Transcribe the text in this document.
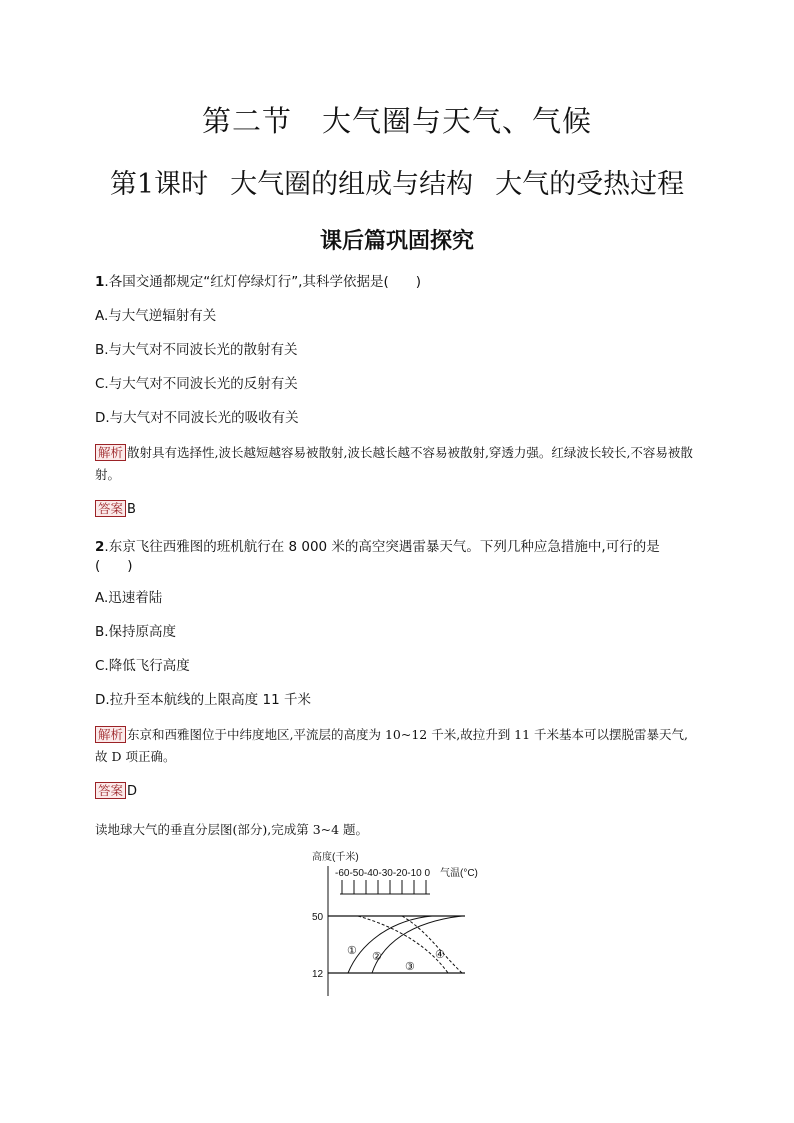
第二节 大气圈与天气、气候
第1课时 大气圈的组成与结构 大气的受热过程
课后篇巩固探究
1.各国交通都规定“红灯停绿灯行”,其科学依据是(　　)
A.与大气逆辐射有关
B.与大气对不同波长光的散射有关
C.与大气对不同波长光的反射有关
D.与大气对不同波长光的吸收有关
解析 散射具有选择性,波长越短越容易被散射,波长越长越不容易被散射,穿透力强。红绿波长较长,不容易被散射。
答案 B
2.东京飞往西雅图的班机航行在 8 000 米的高空突遇雷暴天气。下列几种应急措施中,可行的是
(　　)
A.迅速着陆
B.保持原高度
C.降低飞行高度
D.拉升至本航线的上限高度 11 千米
解析 东京和西雅图位于中纬度地区,平流层的高度为 10~12 千米,故拉升到 11 千米基本可以摆脱雷暴天气,故 D 项正确。
答案 D
读地球大气的垂直分层图(部分),完成第 3~4 题。
高度(千米)
-60-50-40-30-20-10 0 气温(°C)
50
12
① ②
③
④
